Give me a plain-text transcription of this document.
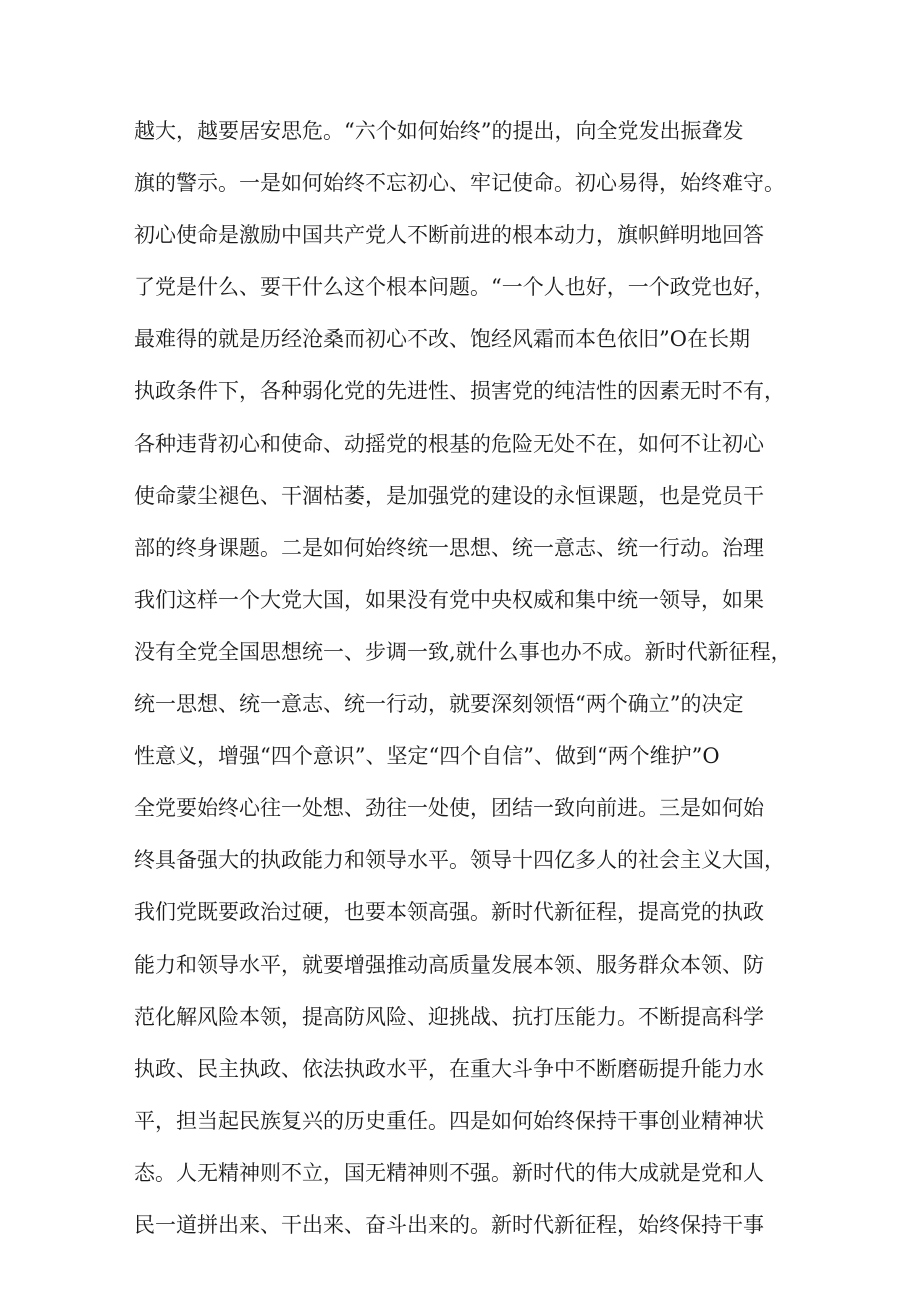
越大，越要居安思危。“六个如何始终”的提出，向全党发出振聋发
旗的警示。一是如何始终不忘初心、牢记使命。初心易得，始终难守。
初心使命是激励中国共产党人不断前进的根本动力，旗帜鲜明地回答
了党是什么、要干什么这个根本问题。“一个人也好，一个政党也好，
最难得的就是历经沧桑而初心不改、饱经风霜而本色依旧”O在长期
执政条件下，各种弱化党的先进性、损害党的纯洁性的因素无时不有，
各种违背初心和使命、动摇党的根基的危险无处不在，如何不让初心
使命蒙尘褪色、干涸枯萎，是加强党的建设的永恒课题，也是党员干
部的终身课题。二是如何始终统一思想、统一意志、统一行动。治理
我们这样一个大党大国，如果没有党中央权威和集中统一领导，如果
没有全党全国思想统一、步调一致,就什么事也办不成。新时代新征程，
统一思想、统一意志、统一行动，就要深刻领悟“两个确立”的决定
性意义，增强“四个意识”、坚定“四个自信”、做到“两个维护”O
全党要始终心往一处想、劲往一处使，团结一致向前进。三是如何始
终具备强大的执政能力和领导水平。领导十四亿多人的社会主义大国，
我们党既要政治过硬，也要本领高强。新时代新征程，提高党的执政
能力和领导水平，就要增强推动高质量发展本领、服务群众本领、防
范化解风险本领，提高防风险、迎挑战、抗打压能力。不断提高科学
执政、民主执政、依法执政水平，在重大斗争中不断磨砺提升能力水
平，担当起民族复兴的历史重任。四是如何始终保持干事创业精神状
态。人无精神则不立，国无精神则不强。新时代的伟大成就是党和人
民一道拼出来、干出来、奋斗出来的。新时代新征程，始终保持干事
